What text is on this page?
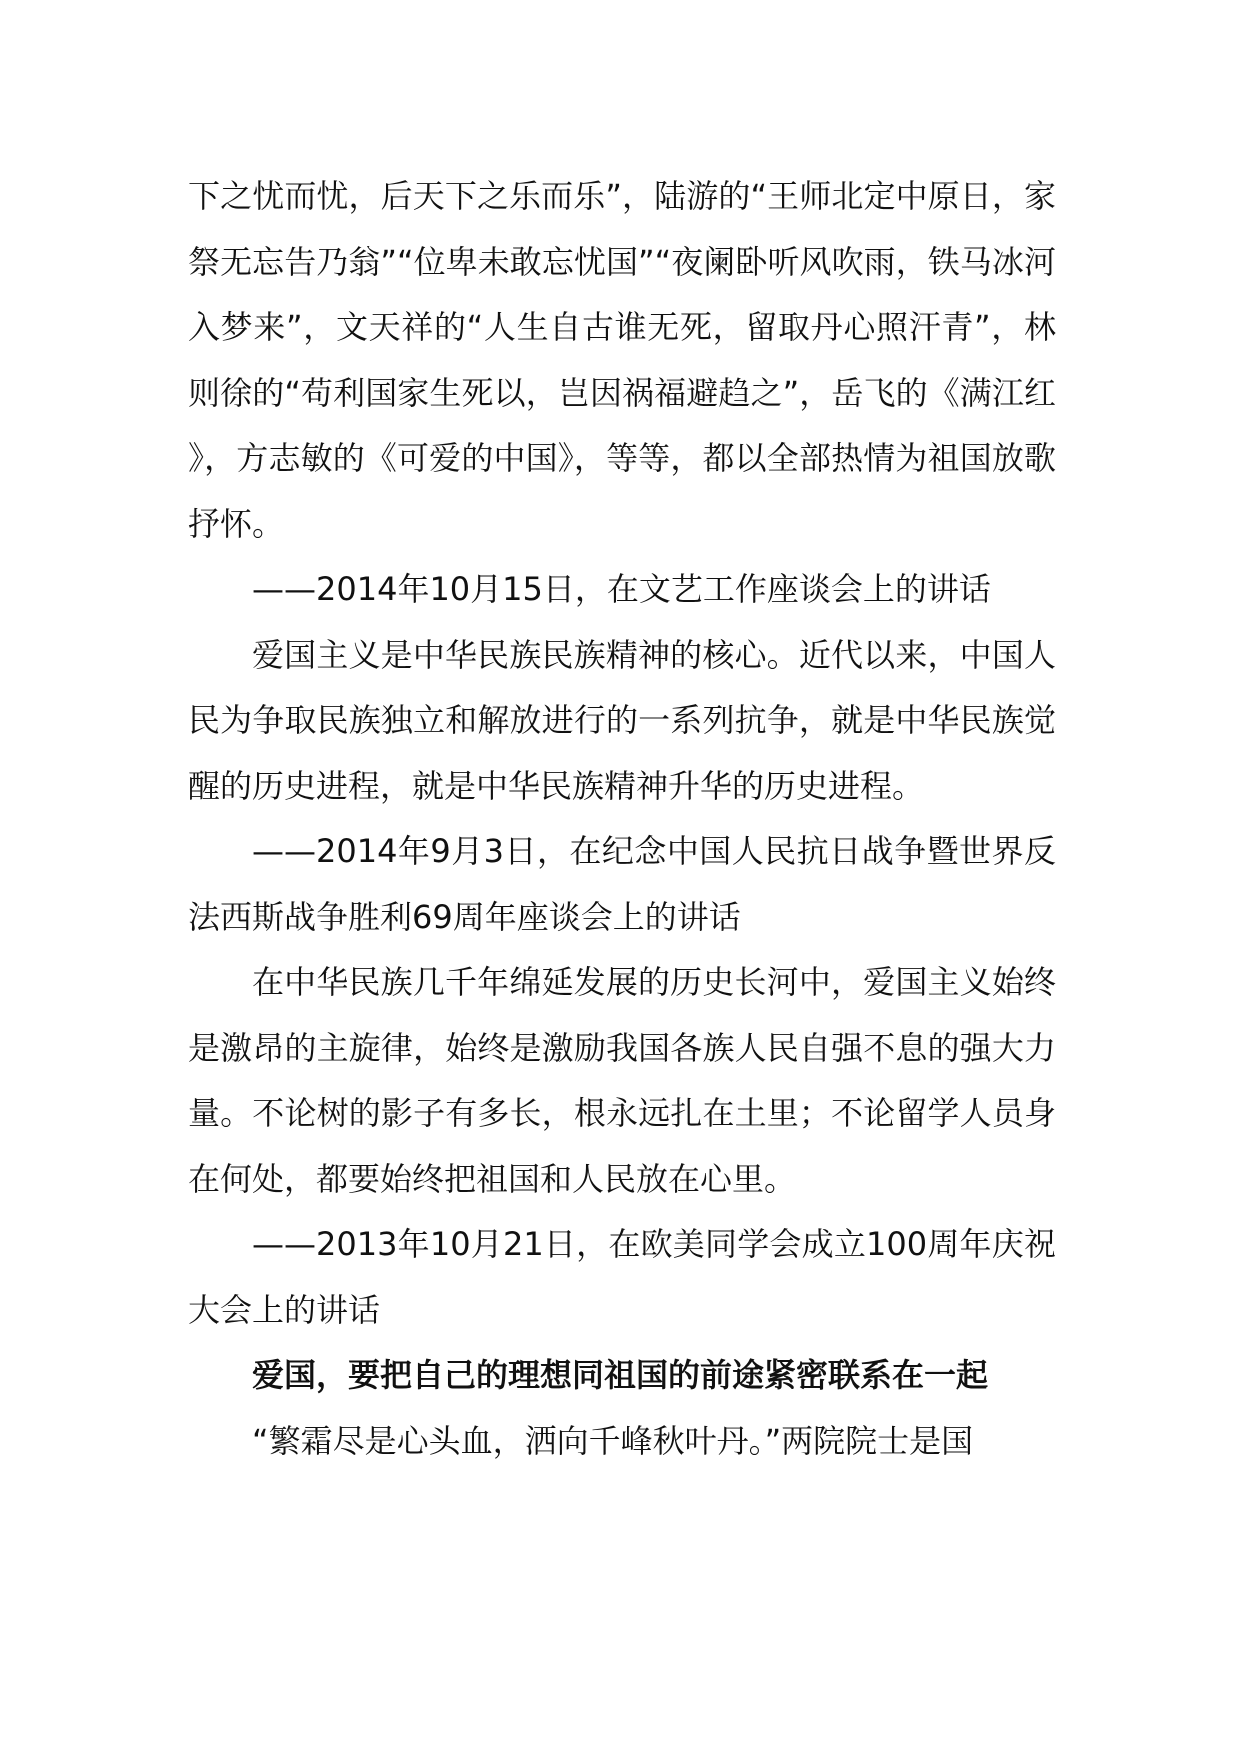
下之忧而忧，后天下之乐而乐”，陆游的“王师北定中原日，家祭无忘告乃翁”“位卑未敢忘忧国”“夜阑卧听风吹雨，铁马冰河入梦来”，文天祥的“人生自古谁无死，留取丹心照汗青”，林则徐的“苟利国家生死以，岂因祸福避趋之”，岳飞的《满江红》，方志敏的《可爱的中国》，等等，都以全部热情为祖国放歌抒怀。

——2014年10月15日，在文艺工作座谈会上的讲话

爱国主义是中华民族民族精神的核心。近代以来，中国人民为争取民族独立和解放进行的一系列抗争，就是中华民族觉醒的历史进程，就是中华民族精神升华的历史进程。

——2014年9月3日，在纪念中国人民抗日战争暨世界反法西斯战争胜利69周年座谈会上的讲话

在中华民族几千年绵延发展的历史长河中，爱国主义始终是激昂的主旋律，始终是激励我国各族人民自强不息的强大力量。不论树的影子有多长，根永远扎在土里；不论留学人员身在何处，都要始终把祖国和人民放在心里。

——2013年10月21日，在欧美同学会成立100周年庆祝大会上的讲话

爱国，要把自己的理想同祖国的前途紧密联系在一起

“繁霜尽是心头血，洒向千峰秋叶丹。”两院院士是国
